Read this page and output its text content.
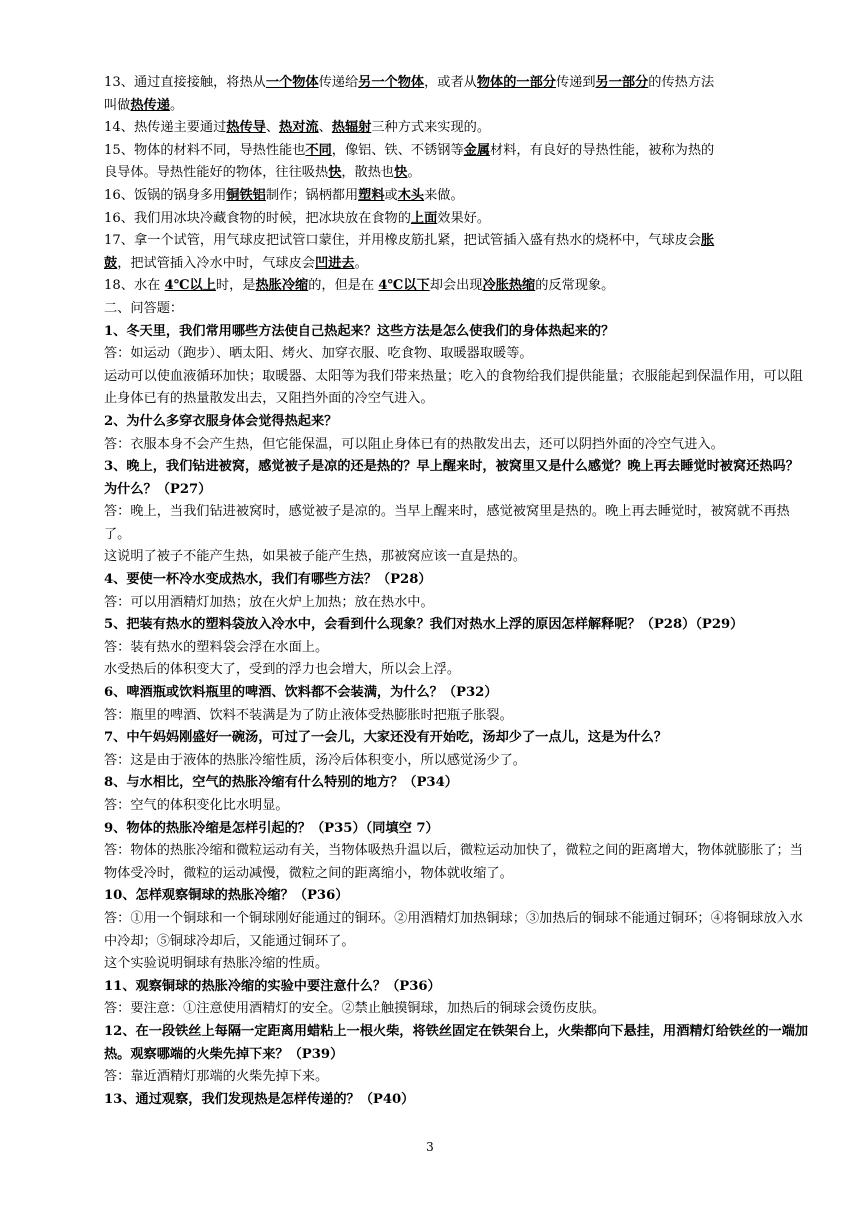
13、通过直接接触，将热从一个物体传递给另一个物体，或者从物体的一部分传递到另一部分的传热方法
叫做热传递。
14、热传递主要通过热传导、热对流、热辐射三种方式来实现的。
15、物体的材料不同，导热性能也不同，像铝、铁、不锈钢等金属材料，有良好的导热性能，被称为热的
良导体。导热性能好的物体，往往吸热快，散热也快。
16、饭锅的锅身多用铜铁铝制作；锅柄都用塑料或木头来做。
16、我们用冰块冷藏食物的时候，把冰块放在食物的上面效果好。
17、拿一个试管，用气球皮把试管口蒙住，并用橡皮筋扎紧，把试管插入盛有热水的烧杯中，气球皮会胀
鼓，把试管插入冷水中时，气球皮会凹进去。
18、水在 4℃以上时，是热胀冷缩的，但是在 4℃以下却会出现冷胀热缩的反常现象。
二、问答题：
1、冬天里，我们常用哪些方法使自己热起来？这些方法是怎么使我们的身体热起来的？
答：如运动（跑步）、晒太阳、烤火、加穿衣服、吃食物、取暖器取暖等。
运动可以使血液循环加快；取暖器、太阳等为我们带来热量；吃入的食物给我们提供能量；衣服能起到保温作用，可以阻止身体已有的热量散发出去，又阻挡外面的冷空气进入。
2、为什么多穿衣服身体会觉得热起来？
答：衣服本身不会产生热，但它能保温，可以阻止身体已有的热散发出去，还可以阴挡外面的冷空气进入。
3、晚上，我们钻进被窝，感觉被子是凉的还是热的？早上醒来时，被窝里又是什么感觉？晚上再去睡觉时被窝还热吗？为什么？（P27）
答：晚上，当我们钻进被窝时，感觉被子是凉的。当早上醒来时，感觉被窝里是热的。晚上再去睡觉时，被窝就不再热了。
这说明了被子不能产生热，如果被子能产生热，那被窝应该一直是热的。
4、要使一杯冷水变成热水，我们有哪些方法？（P28）
答：可以用酒精灯加热；放在火炉上加热；放在热水中。
5、把装有热水的塑料袋放入冷水中，会看到什么现象？我们对热水上浮的原因怎样解释呢？（P28）（P29）
答：装有热水的塑料袋会浮在水面上。
水受热后的体积变大了，受到的浮力也会增大，所以会上浮。
6、啤酒瓶或饮料瓶里的啤酒、饮料都不会装满，为什么？（P32）
答：瓶里的啤酒、饮料不装满是为了防止液体受热膨胀时把瓶子胀裂。
7、中午妈妈刚盛好一碗汤，可过了一会儿，大家还没有开始吃，汤却少了一点儿，这是为什么？
答：这是由于液体的热胀冷缩性质，汤冷后体积变小，所以感觉汤少了。
8、与水相比，空气的热胀冷缩有什么特别的地方？（P34）
答：空气的体积变化比水明显。
9、物体的热胀冷缩是怎样引起的？（P35）（同填空 7）
答：物体的热胀冷缩和微粒运动有关，当物体吸热升温以后，微粒运动加快了，微粒之间的距离增大，物体就膨胀了；当物体受冷时，微粒的运动减慢，微粒之间的距离缩小，物体就收缩了。
10、怎样观察铜球的热胀冷缩？（P36）
答：①用一个铜球和一个铜球刚好能通过的铜环。②用酒精灯加热铜球；③加热后的铜球不能通过铜环；④将铜球放入水中冷却；⑤铜球冷却后，又能通过铜环了。
这个实验说明铜球有热胀冷缩的性质。
11、观察铜球的热胀冷缩的实验中要注意什么？（P36）
答：要注意：①注意使用酒精灯的安全。②禁止触摸铜球，加热后的铜球会烫伤皮肤。
12、在一段铁丝上每隔一定距离用蜡粘上一根火柴，将铁丝固定在铁架台上，火柴都向下悬挂，用酒精灯给铁丝的一端加热。观察哪端的火柴先掉下来？（P39）
答：靠近酒精灯那端的火柴先掉下来。
13、通过观察，我们发现热是怎样传递的？（P40）
3
